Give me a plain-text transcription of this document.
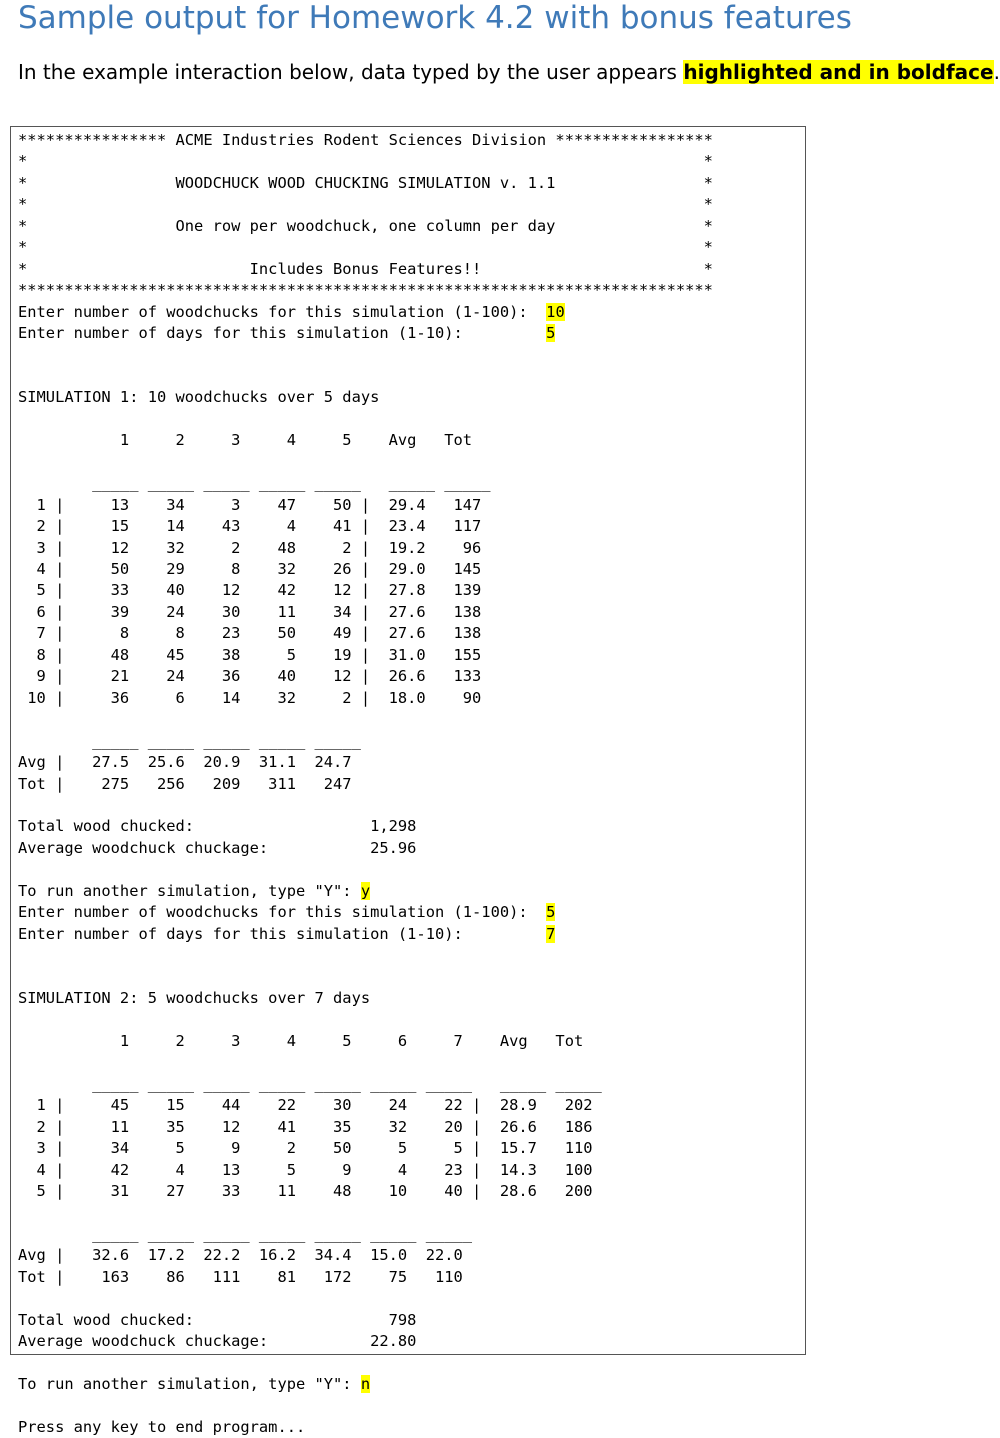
Sample output for Homework 4.2 with bonus features
In the example interaction below, data typed by the user appears highlighted and in boldface.
**************** ACME Industries Rodent Sciences Division *****************
*                                                                         *
*                WOODCHUCK WOOD CHUCKING SIMULATION v. 1.1                *
*                                                                         *
*                One row per woodchuck, one column per day                *
*                                                                         *
*                        Includes Bonus Features!!                        *
***************************************************************************
Enter number of woodchucks for this simulation (1-100):  10
Enter number of days for this simulation (1-10):         5
SIMULATION 1: 10 woodchucks over 5 days
1     2     3     4     5    Avg   Tot
_____ _____ _____ _____ _____   _____ _____
1 |     13    34     3    47    50 |  29.4   147
2 |     15    14    43     4    41 |  23.4   117
3 |     12    32     2    48     2 |  19.2    96
4 |     50    29     8    32    26 |  29.0   145
5 |     33    40    12    42    12 |  27.8   139
6 |     39    24    30    11    34 |  27.6   138
7 |      8     8    23    50    49 |  27.6   138
8 |     48    45    38     5    19 |  31.0   155
9 |     21    24    36    40    12 |  26.6   133
10 |     36     6    14    32     2 |  18.0    90
_____ _____ _____ _____ _____
Avg |   27.5  25.6  20.9  31.1  24.7
Tot |    275   256   209   311   247
Total wood chucked:                   1,298
Average woodchuck chuckage:           25.96
To run another simulation, type "Y": y
Enter number of woodchucks for this simulation (1-100):  5
Enter number of days for this simulation (1-10):         7
SIMULATION 2: 5 woodchucks over 7 days
1     2     3     4     5     6     7    Avg   Tot
_____ _____ _____ _____ _____ _____ _____   _____ _____
1 |     45    15    44    22    30    24    22 |  28.9   202
2 |     11    35    12    41    35    32    20 |  26.6   186
3 |     34     5     9     2    50     5     5 |  15.7   110
4 |     42     4    13     5     9     4    23 |  14.3   100
5 |     31    27    33    11    48    10    40 |  28.6   200
_____ _____ _____ _____ _____ _____ _____
Avg |   32.6  17.2  22.2  16.2  34.4  15.0  22.0
Tot |    163    86   111    81   172    75   110
Total wood chucked:                     798
Average woodchuck chuckage:           22.80
To run another simulation, type "Y": n
Press any key to end program...
